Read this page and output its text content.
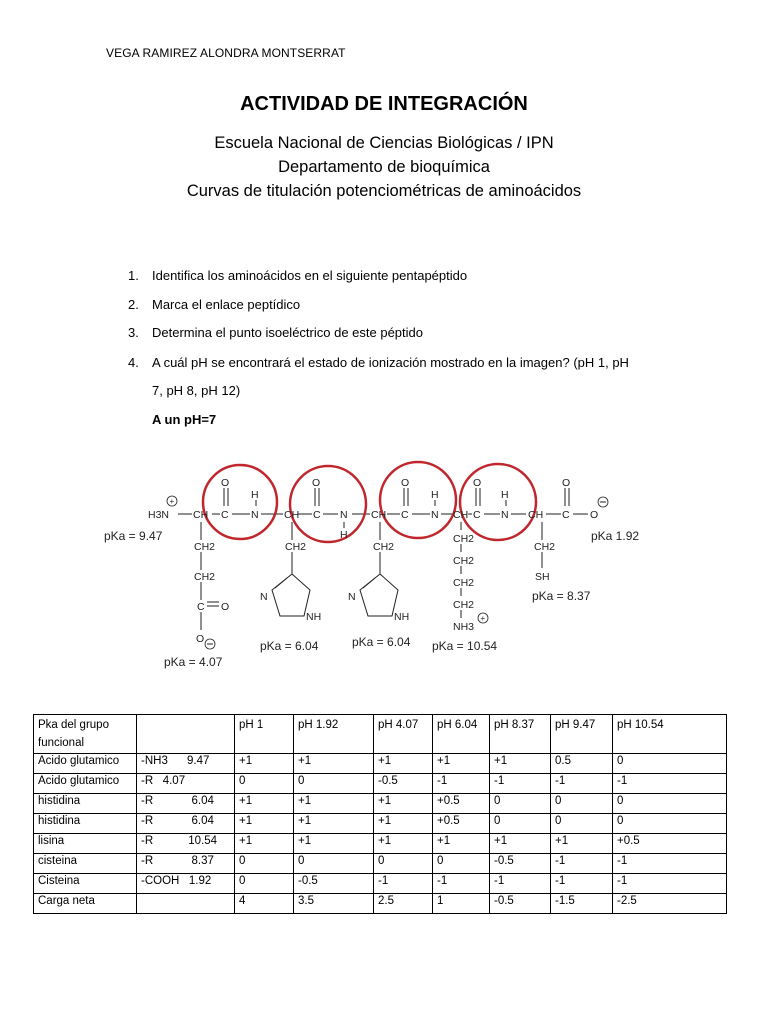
VEGA RAMIREZ ALONDRA MONTSERRAT
ACTIVIDAD DE INTEGRACIÓN
Escuela Nacional de Ciencias Biológicas / IPN
Departamento de bioquímica
Curvas de titulación potenciométricas de aminoácidos
1. Identifica los aminoácidos en el siguiente pentapéptido
2. Marca el enlace peptídico
3. Determina el punto isoeléctrico de este péptido
4. A cuál pH se encontrará el estado de ionización mostrado en la imagen? (pH 1, pH
7, pH 8, pH 12)
A un pH=7
H3N
+
CH C
O
N
H
CH C
O
N
H
CH C
O
N
H
CH C
O
N
H
CH C
O
O
CH2
CH2
C O
O
CH2
N
NH
CH2
N
NH
CH2
CH2
CH2
CH2
NH3
+
CH2
SH
pKa = 9.47
pKa = 4.07
pKa = 6.04	pKa = 6.04 pKa = 10.54
pKa = 8.37
pKa 1.92
Pka del grupo funcional		pH 1	pH 1.92	pH 4.07	pH 6.04	pH 8.37	pH 9.47	pH 10.54
Acido glutamico	-NH3      9.47	+1	+1	+1	+1	+1	0.5	0
Acido glutamico	-R   4.07	0	0	-0.5	-1	-1	-1	-1
histidina	-R            6.04	+1	+1	+1	+0.5	0	0	0
histidina	-R            6.04	+1	+1	+1	+0.5	0	0	0
lisina	-R           10.54	+1	+1	+1	+1	+1	+1	+0.5
cisteina	-R            8.37	0	0	0	0	-0.5	-1	-1
Cisteina	-COOH   1.92	0	-0.5	-1	-1	-1	-1	-1
Carga neta		4	3.5	2.5	1	-0.5	-1.5	-2.5
